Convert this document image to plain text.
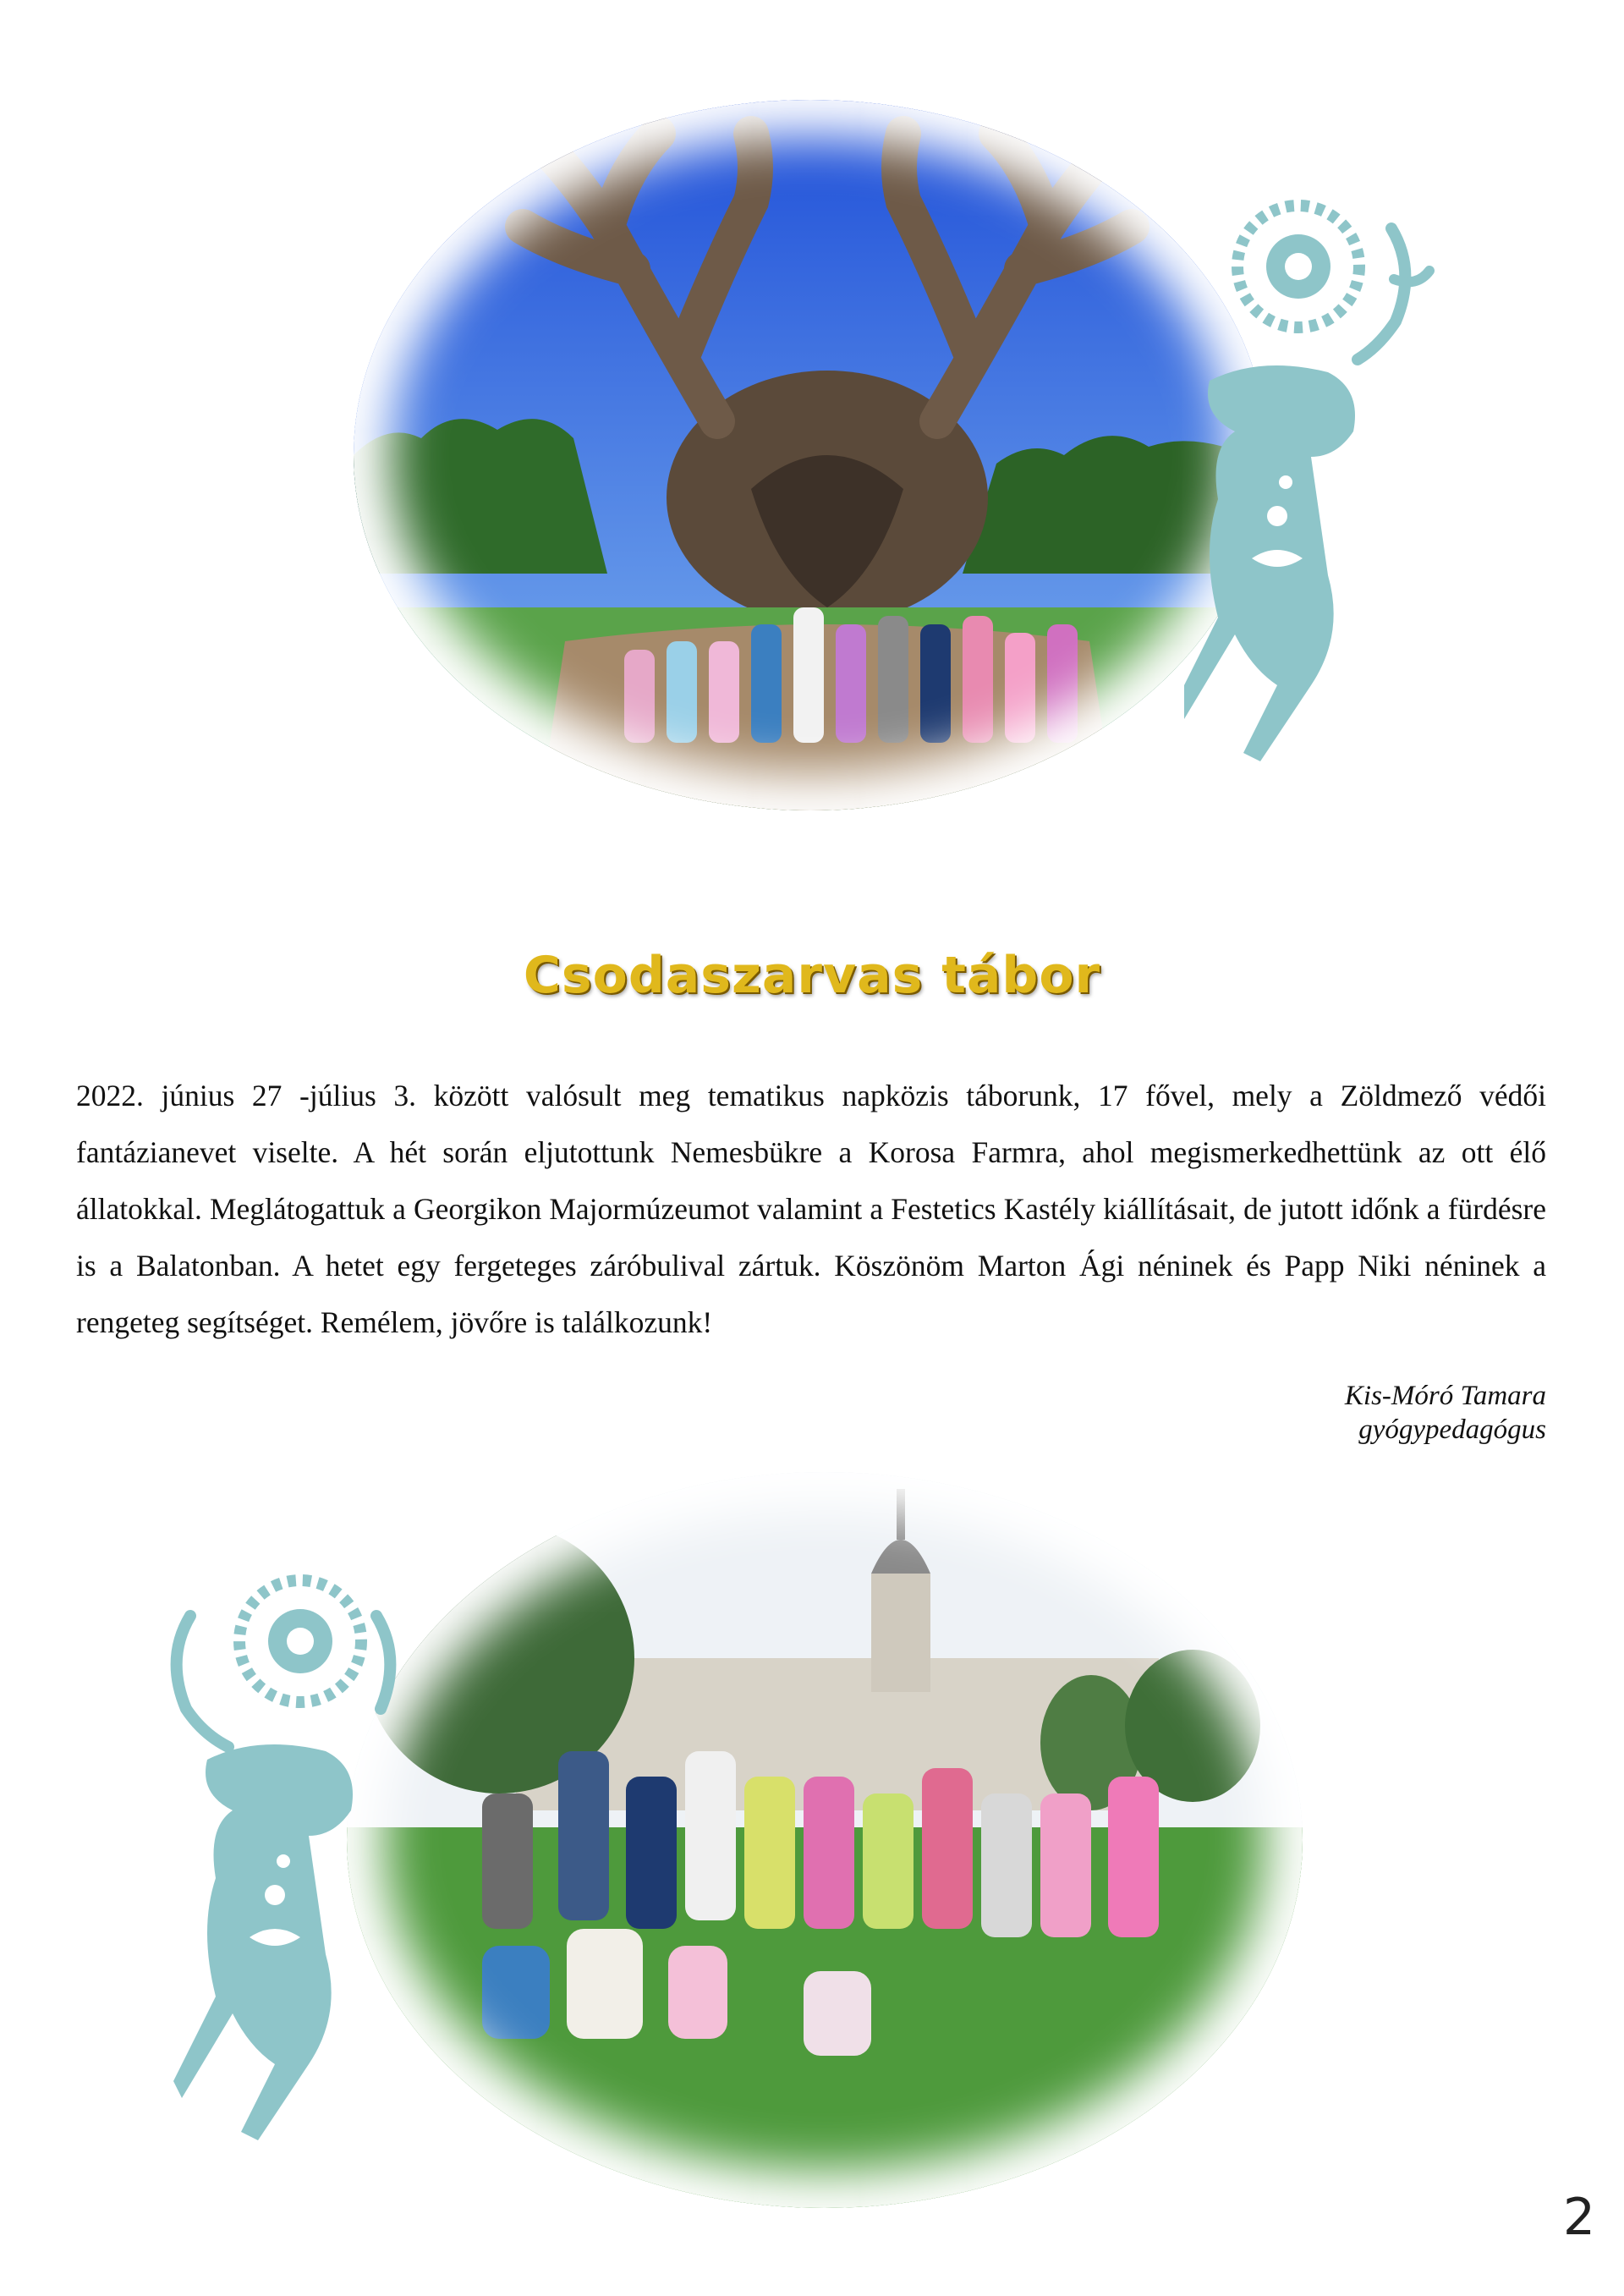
Csodaszarvas tábor

2022. június 27 -július 3. között valósult meg tematikus napközis táborunk, 17 fővel, mely a Zöldmező védői fantázianevet viselte. A hét során eljutottunk Nemesbükre a Korosa Farmra, ahol megismerkedhettünk az ott élő állatokkal. Meglátogattuk a Georgikon Majormúzeumot valamint a Festetics Kastély kiállításait, de jutott időnk a fürdésre is a Balatonban. A hetet egy fergeteges záróbulival zártuk. Köszönöm Marton Ági néninek és Papp Niki néninek a rengeteg segítséget. Remélem, jövőre is találkozunk!

Kis-Móró Tamara
gyógypedagógus
2
